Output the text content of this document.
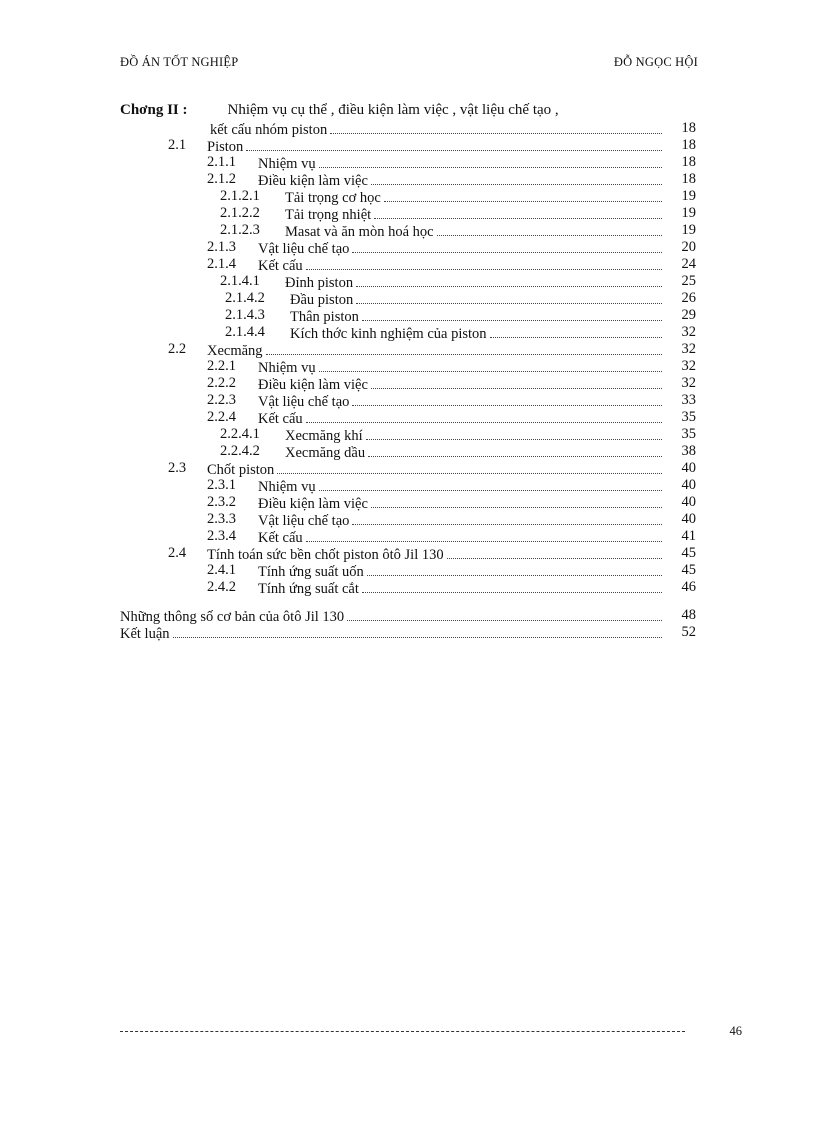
ĐỒ ÁN TỐT NGHIỆP	ĐỖ NGỌC HỘI
Chơng II :	Nhiệm vụ cụ thể , điều kiện làm việc , vật liệu chế tạo ,
kết cấu nhóm piston	18
2.1 Piston	18
2.1.1 Nhiệm vụ	18
2.1.2 Điều kiện làm việc	18
2.1.2.1 Tải trọng cơ học	19
2.1.2.2 Tải trọng nhiệt	19
2.1.2.3 Masat và ăn mòn hoá học	19
2.1.3 Vật liệu chế tạo	20
2.1.4 Kết cấu	24
2.1.4.1 Đỉnh piston	25
2.1.4.2 Đầu piston	26
2.1.4.3 Thân piston	29
2.1.4.4 Kích thớc kinh nghiệm của piston	32
2.2 Xecmăng	32
2.2.1 Nhiệm vụ	32
2.2.2 Điều kiện làm việc	32
2.2.3 Vật liệu chế tạo	33
2.2.4 Kết cấu	35
2.2.4.1 Xecmăng khí	35
2.2.4.2 Xecmăng dầu	38
2.3 Chốt piston	40
2.3.1 Nhiệm vụ	40
2.3.2 Điều kiện làm việc	40
2.3.3 Vật liệu chế tạo	40
2.3.4 Kết cấu	41
2.4 Tính toán sức bền chốt piston ôtô Jil 130	45
2.4.1 Tính ứng suất uốn	45
2.4.2 Tính ứng suất cắt	46
Những thông số cơ bản của ôtô Jil 130	48
Kết luận	52
46
